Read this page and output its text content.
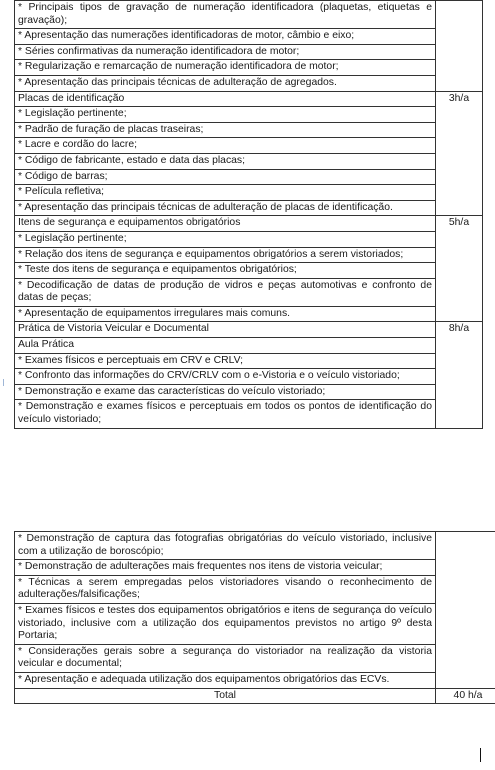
* Principais tipos de gravação de numeração identificadora (plaquetas, etiquetas e gravação);	
* Apresentação das numerações identificadoras de motor, câmbio e eixo;	
* Séries confirmativas da numeração identificadora de motor;	
* Regularização e remarcação de numeração identificadora de motor;	
* Apresentação das principais técnicas de adulteração de agregados.	
Placas de identificação	3h/a
* Legislação pertinente;	
* Padrão de furação de placas traseiras;	
* Lacre e cordão do lacre;	
* Código de fabricante, estado e data das placas;	
* Código de barras;	
* Película refletiva;	
* Apresentação das principais técnicas de adulteração de placas de identificação.	
Itens de segurança e equipamentos obrigatórios	5h/a
* Legislação pertinente;	
* Relação dos itens de segurança e equipamentos obrigatórios a serem vistoriados;	
* Teste dos itens de segurança e equipamentos obrigatórios;	
* Decodificação de datas de produção de vidros e peças automotivas e confronto de datas de peças;	
* Apresentação de equipamentos irregulares mais comuns.	
Prática de Vistoria Veicular e Documental	8h/a
Aula Prática	
* Exames físicos e perceptuais em CRV e CRLV;	
* Confronto das informações do CRV/CRLV com o e-Vistoria e o veículo vistoriado;	
* Demonstração e exame das características do veículo vistoriado;	
* Demonstração e exames físicos e perceptuais em todos os pontos de identificação do veículo vistoriado;	
* Demonstração de captura das fotografias obrigatórias do veículo vistoriado, inclusive com a utilização de boroscópio;	
* Demonstração de adulterações mais frequentes nos itens de vistoria veicular;	
* Técnicas a serem empregadas pelos vistoriadores visando o reconhecimento de adulterações/falsificações;	
* Exames físicos e testes dos equipamentos obrigatórios e itens de segurança do veículo vistoriado, inclusive com a utilização dos equipamentos previstos no artigo 9º desta Portaria;	
* Considerações gerais sobre a segurança do vistoriador na realização da vistoria veicular e documental;	
* Apresentação e adequada utilização dos equipamentos obrigatórios das ECVs.	
Total	40 h/a
